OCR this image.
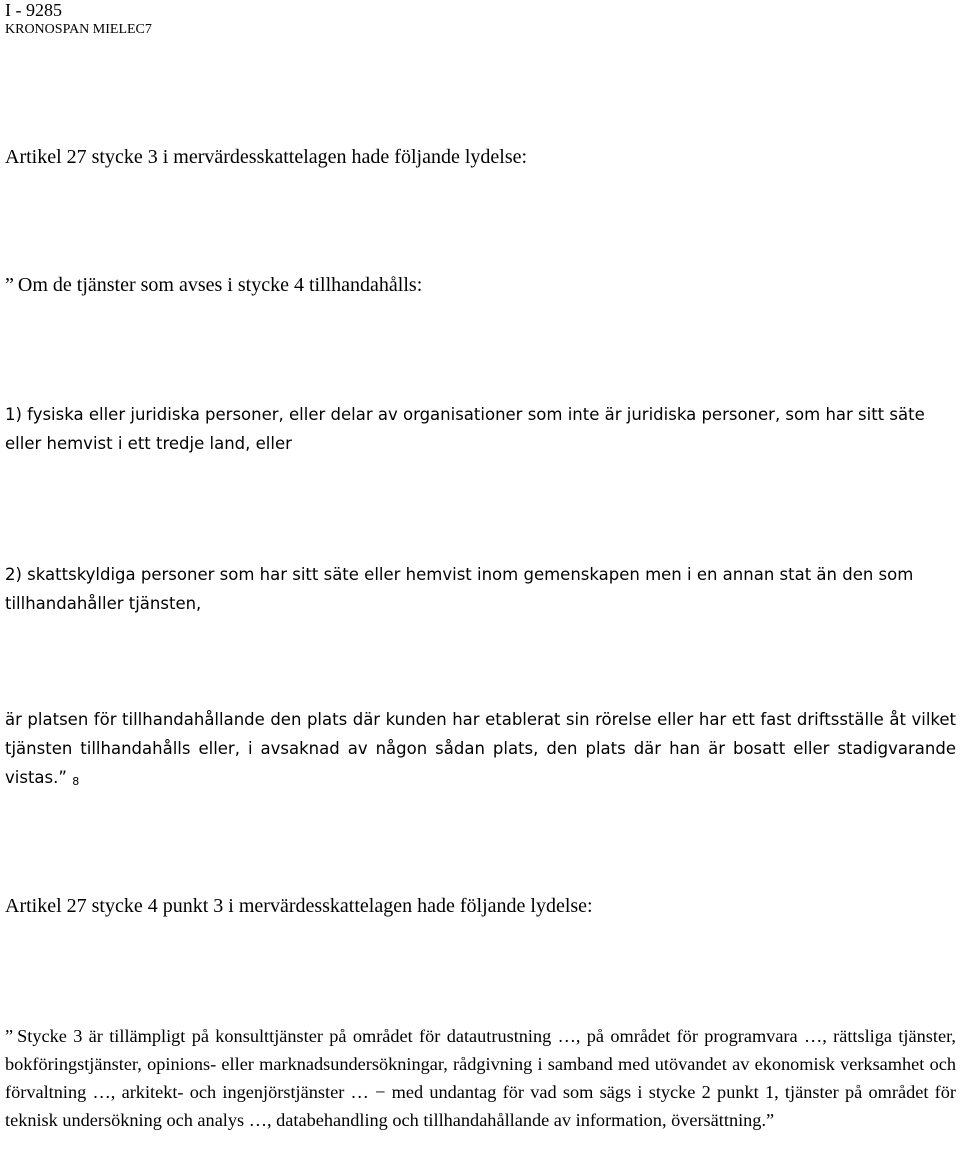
I - 9285
KRONOSPAN MIELEC7

Artikel 27 stycke 3 i mervärdesskattelagen hade följande lydelse:

” Om de tjänster som avses i stycke 4 tillhandahålls:

1) fysiska eller juridiska personer, eller delar av organisationer som inte är juridiska personer, som har sitt säte eller hemvist i ett tredje land, eller

2) skattskyldiga personer som har sitt säte eller hemvist inom gemenskapen men i en annan stat än den som tillhandahåller tjänsten,

är platsen för tillhandahållande den plats där kunden har etablerat sin rörelse eller har ett fast driftsställe åt vilket tjänsten tillhandahålls eller, i avsaknad av någon sådan plats, den plats där han är bosatt eller stadigvarande vistas.” 8

Artikel 27 stycke 4 punkt 3 i mervärdesskattelagen hade följande lydelse:

” Stycke 3 är tillämpligt på konsulttjänster på området för datautrustning …, på området för programvara …, rättsliga tjänster, bokföringstjänster, opinions- eller marknadsundersökningar, rådgivning i samband med utövandet av ekonomisk verksamhet och förvaltning …, arkitekt- och ingenjörstjänster … − med undantag för vad som sägs i stycke 2 punkt 1, tjänster på området för teknisk undersökning och analys …, databehandling och tillhandahållande av information, översättning.”
